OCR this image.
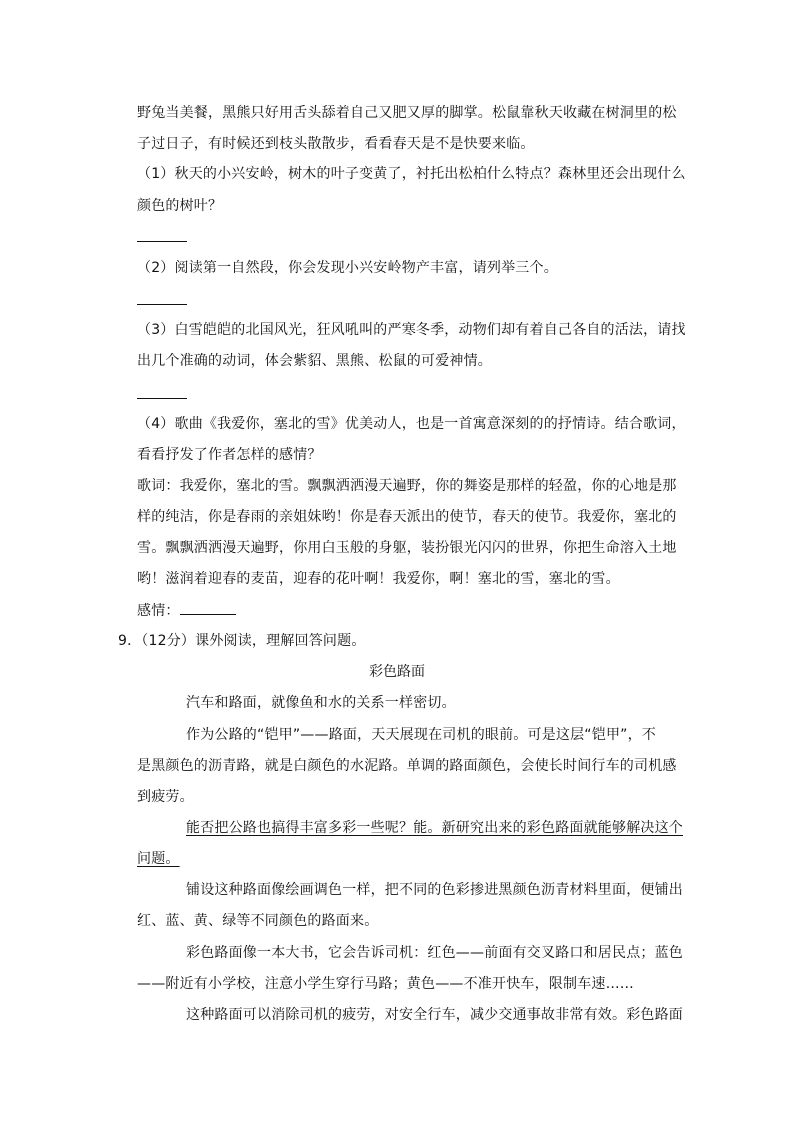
野兔当美餐，黑熊只好用舌头舔着自己又肥又厚的脚掌。松鼠靠秋天收藏在树洞里的松
子过日子，有时候还到枝头散散步，看看春天是不是快要来临。
（1）秋天的小兴安岭，树木的叶子变黄了，衬托出松柏什么特点？森林里还会出现什么
颜色的树叶？
（2）阅读第一自然段，你会发现小兴安岭物产丰富，请列举三个。
（3）白雪皑皑的北国风光，狂风吼叫的严寒冬季，动物们却有着自己各自的活法，请找
出几个准确的动词，体会紫貂、黑熊、松鼠的可爱神情。
（4）歌曲《我爱你，塞北的雪》优美动人，也是一首寓意深刻的的抒情诗。结合歌词，
看看抒发了作者怎样的感情？
歌词：我爱你，塞北的雪。飘飘洒洒漫天遍野，你的舞姿是那样的轻盈，你的心地是那
样的纯洁，你是春雨的亲姐妹哟！你是春天派出的使节，春天的使节。我爱你，塞北的
雪。飘飘洒洒漫天遍野，你用白玉般的身躯，装扮银光闪闪的世界，你把生命溶入土地
哟！滋润着迎春的麦苗，迎春的花叶啊！我爱你，啊！塞北的雪，塞北的雪。
感情：
9．（12分）课外阅读，理解回答问题。
彩色路面
汽车和路面，就像鱼和水的关系一样密切。
作为公路的“铠甲”——路面，天天展现在司机的眼前。可是这层“铠甲”，不
是黑颜色的沥青路，就是白颜色的水泥路。单调的路面颜色，会使长时间行车的司机感
到疲劳。
能否把公路也搞得丰富多彩一些呢？能。新研究出来的彩色路面就能够解决这个
问题。
铺设这种路面像绘画调色一样，把不同的色彩掺进黑颜色沥青材料里面，便铺出
红、蓝、黄、绿等不同颜色的路面来。
彩色路面像一本大书，它会告诉司机：红色——前面有交叉路口和居民点；蓝色
——附近有小学校，注意小学生穿行马路；黄色——不准开快车，限制车速……
这种路面可以消除司机的疲劳，对安全行车，减少交通事故非常有效。彩色路面
